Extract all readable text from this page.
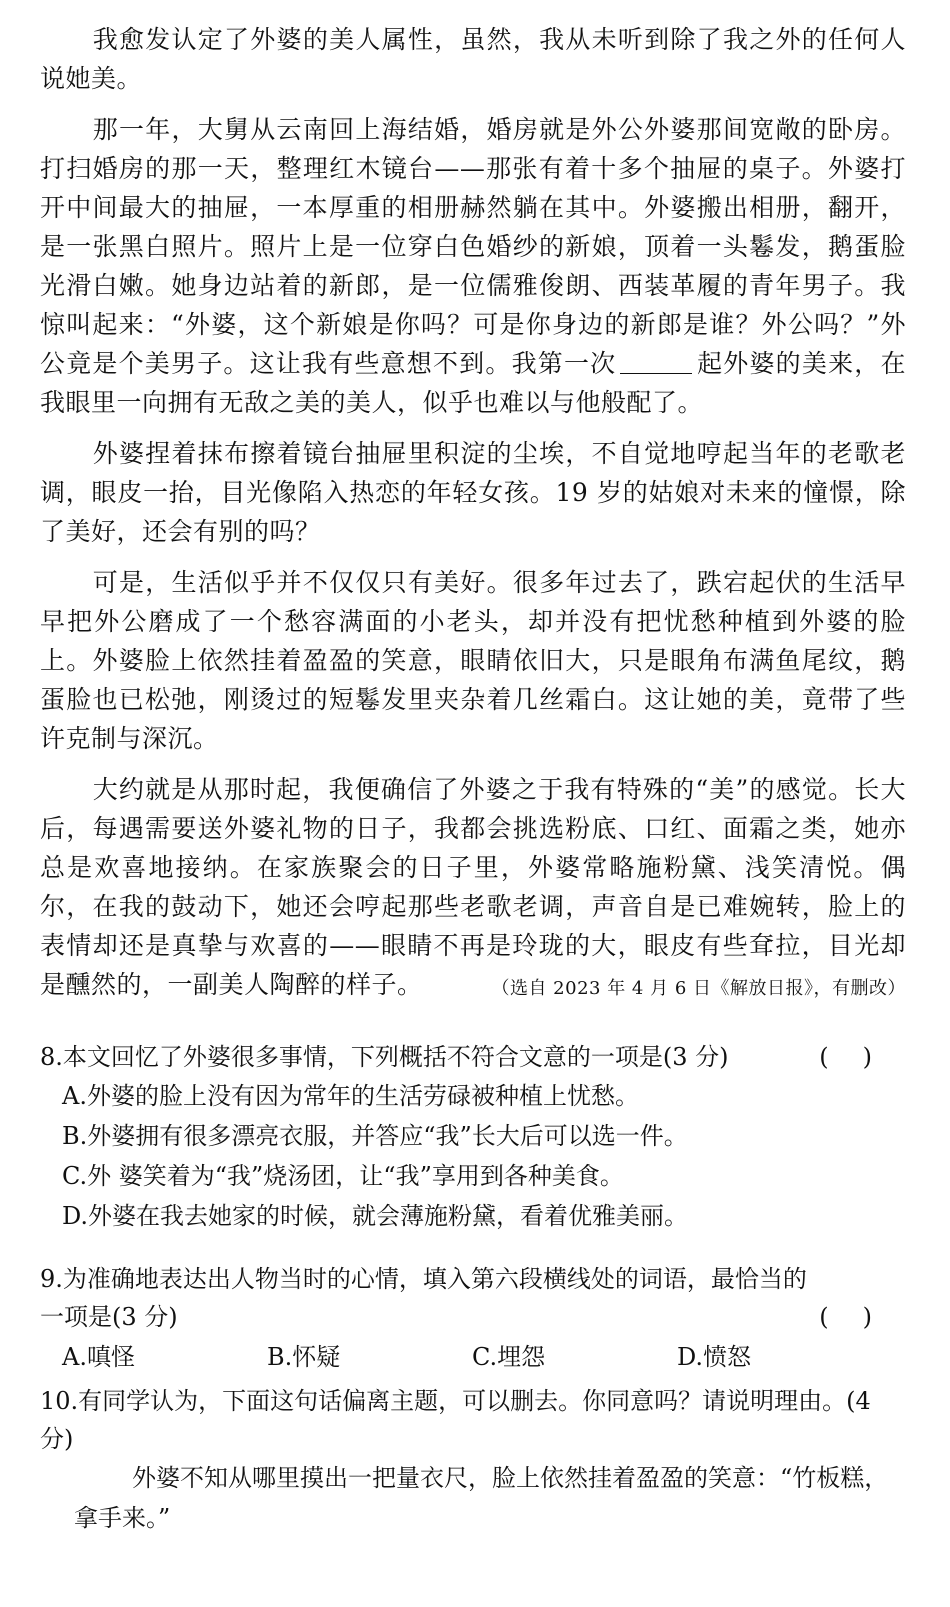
我愈发认定了外婆的美人属性，虽然，我从未听到除了我之外的任何人说她美。

那一年，大舅从云南回上海结婚，婚房就是外公外婆那间宽敞的卧房。打扫婚房的那一天，整理红木镜台——那张有着十多个抽屉的桌子。外婆打开中间最大的抽屉，一本厚重的相册赫然躺在其中。外婆搬出相册，翻开，是一张黑白照片。照片上是一位穿白色婚纱的新娘，顶着一头鬈发，鹅蛋脸光滑白嫩。她身边站着的新郎，是一位儒雅俊朗、西装革履的青年男子。我惊叫起来：“外婆，这个新娘是你吗？可是你身边的新郎是谁？外公吗？”外公竟是个美男子。这让我有些意想不到。我第一次	起外婆的美来，在我眼里一向拥有无敌之美的美人，似乎也难以与他般配了。

外婆捏着抹布擦着镜台抽屉里积淀的尘埃，不自觉地哼起当年的老歌老调，眼皮一抬，目光像陷入热恋的年轻女孩。19 岁的姑娘对未来的憧憬，除了美好，还会有别的吗？

可是，生活似乎并不仅仅只有美好。很多年过去了，跌宕起伏的生活早早把外公磨成了一个愁容满面的小老头，却并没有把忧愁种植到外婆的脸上。外婆脸上依然挂着盈盈的笑意，眼睛依旧大，只是眼角布满鱼尾纹，鹅蛋脸也已松弛，刚烫过的短鬈发里夹杂着几丝霜白。这让她的美，竟带了些许克制与深沉。

大约就是从那时起，我便确信了外婆之于我有特殊的“美”的感觉。长大后，每遇需要送外婆礼物的日子，我都会挑选粉底、口红、面霜之类，她亦总是欢喜地接纳。在家族聚会的日子里，外婆常略施粉黛、浅笑清悦。偶尔，在我的鼓动下，她还会哼起那些老歌老调，声音自是已难婉转，脸上的表情却还是真挚与欢喜的——眼睛不再是玲珑的大，眼皮有些耷拉，目光却是醺然的，一副美人陶醉的样子。	（选自 2023 年 4 月 6 日《解放日报》，有删改）

8.本文回忆了外婆很多事情，下列概括不符合文意的一项是(3 分)	()
A.外婆的脸上没有因为常年的生活劳碌被种植上忧愁。
B.外婆拥有很多漂亮衣服，并答应“我”长大后可以选一件。
C.外 婆笑着为“我”烧汤团，让“我”享用到各种美食。
D.外婆在我去她家的时候，就会薄施粉黛，看着优雅美丽。
9.为准确地表达出人物当时的心情，填入第六段横线处的词语，最恰当的一项是(3 分)	()
A.嗔怪	B.怀疑	C.埋怨	D.愤怒
10.有同学认为，下面这句话偏离主题，可以删去。你同意吗？请说明理由。(4 分)
外婆不知从哪里摸出一把量衣尺，脸上依然挂着盈盈的笑意：“竹板糕，拿手来。”
